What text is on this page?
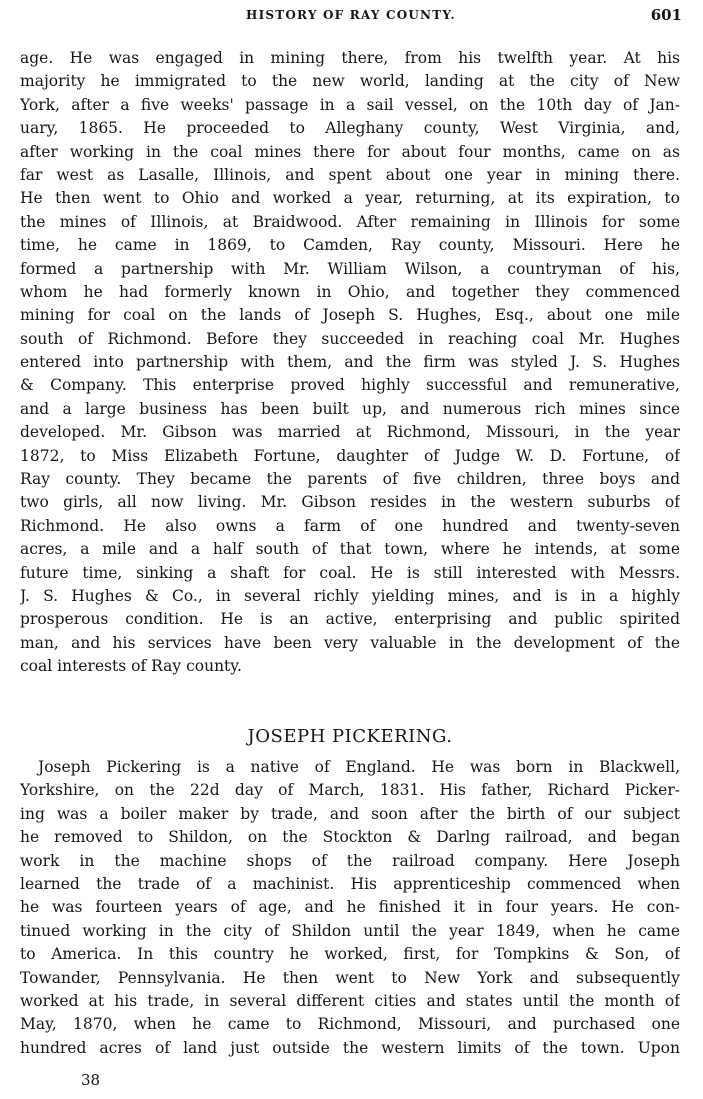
HISTORY OF RAY COUNTY.	601
age. He was engaged in mining there, from his twelfth year. At his
majority he immigrated to the new world, landing at the city of New
York, after a five weeks' passage in a sail vessel, on the 10th day of Jan-
uary, 1865. He proceeded to Alleghany county, West Virginia, and,
after working in the coal mines there for about four months, came on as
far west as Lasalle, Illinois, and spent about one year in mining there.
He then went to Ohio and worked a year, returning, at its expiration, to
the mines of Illinois, at Braidwood. After remaining in Illinois for some
time, he came in 1869, to Camden, Ray county, Missouri. Here he
formed a partnership with Mr. William Wilson, a countryman of his,
whom he had formerly known in Ohio, and together they commenced
mining for coal on the lands of Joseph S. Hughes, Esq., about one mile
south of Richmond. Before they succeeded in reaching coal Mr. Hughes
entered into partnership with them, and the firm was styled J. S. Hughes
& Company. This enterprise proved highly successful and remunerative,
and a large business has been built up, and numerous rich mines since
developed. Mr. Gibson was married at Richmond, Missouri, in the year
1872, to Miss Elizabeth Fortune, daughter of Judge W. D. Fortune, of
Ray county. They became the parents of five children, three boys and
two girls, all now living. Mr. Gibson resides in the western suburbs of
Richmond. He also owns a farm of one hundred and twenty-seven
acres, a mile and a half south of that town, where he intends, at some
future time, sinking a shaft for coal. He is still interested with Messrs.
J. S. Hughes & Co., in several richly yielding mines, and is in a highly
prosperous condition. He is an active, enterprising and public spirited
man, and his services have been very valuable in the development of the
coal interests of Ray county.
JOSEPH PICKERING.
Joseph Pickering is a native of England. He was born in Blackwell,
Yorkshire, on the 22d day of March, 1831. His father, Richard Picker-
ing was a boiler maker by trade, and soon after the birth of our subject
he removed to Shildon, on the Stockton & Darlng railroad, and began
work in the machine shops of the railroad company. Here Joseph
learned the trade of a machinist. His apprenticeship commenced when
he was fourteen years of age, and he finished it in four years. He con-
tinued working in the city of Shildon until the year 1849, when he came
to America. In this country he worked, first, for Tompkins & Son, of
Towander, Pennsylvania. He then went to New York and subsequently
worked at his trade, in several different cities and states until the month of
May, 1870, when he came to Richmond, Missouri, and purchased one
hundred acres of land just outside the western limits of the town. Upon
38
